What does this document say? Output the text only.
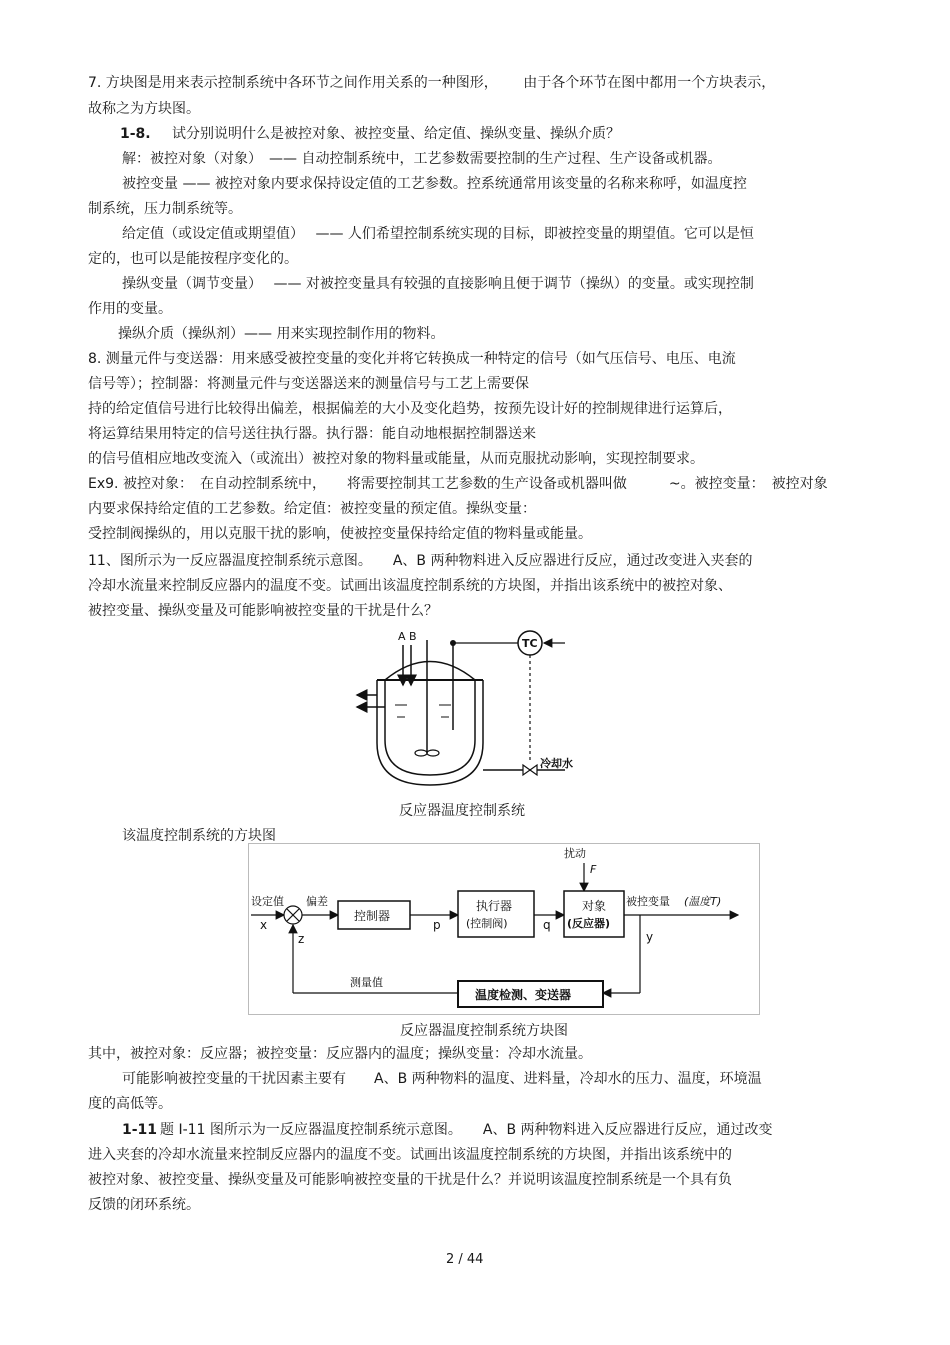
7. 方块图是用来表示控制系统中各环节之间作用关系的一种图形，　　 由于各个环节在图中都用一个方块表示，
故称之为方块图。
1-8. 试分别说明什么是被控对象、被控变量、给定值、操纵变量、操纵介质？
解：被控对象（对象）　—— 自动控制系统中，工艺参数需要控制的生产过程、生产设备或机器。
被控变量 —— 被控对象内要求保持设定值的工艺参数。控系统通常用该变量的名称来称呼，如温度控
制系统，压力制系统等。
给定值（或设定值或期望值）　 —— 人们希望控制系统实现的目标，即被控变量的期望值。它可以是恒
定的，也可以是能按程序变化的。
操纵变量（调节变量）　 —— 对被控变量具有较强的直接影响且便于调节（操纵）的变量。或实现控制
作用的变量。
操纵介质（操纵剂）—— 用来实现控制作用的物料。
8. 测量元件与变送器：用来感受被控变量的变化并将它转换成一种特定的信号（如气压信号、电压、电流
信号等）；控制器：将测量元件与变送器送来的测量信号与工艺上需要保
持的给定值信号进行比较得出偏差，根据偏差的大小及变化趋势，按预先设计好的控制规律进行运算后，
将运算结果用特定的信号送往执行器。执行器：能自动地根据控制器送来
的信号值相应地改变流入（或流出）被控对象的物料量或能量，从而克服扰动影响，实现控制要求。
Ex9. 被控对象：　在自动控制系统中，　　将需要控制其工艺参数的生产设备或机器叫做　　　~。被控变量：　被控对象
内要求保持给定值的工艺参数。给定值：被控变量的预定值。操纵变量：
受控制阀操纵的，用以克服干扰的影响，使被控变量保持给定值的物料量或能量。
11、图所示为一反应器温度控制系统示意图。　　A、B 两种物料进入反应器进行反应，通过改变进入夹套的
冷却水流量来控制反应器内的温度不变。试画出该温度控制系统的方块图，并指出该系统中的被控对象、
被控变量、操纵变量及可能影响被控变量的干扰是什么？
A B
TC
冷却水
反应器温度控制系统
该温度控制系统的方块图
设定值
x
偏差
z
控制器
p
执行器
(控制阀)	q
扰动
F
对象
(反应器)
被控变量 (温度T)
y
温度检测、变送器
测量值
反应器温度控制系统方块图
其中，被控对象：反应器；被控变量：反应器内的温度；操纵变量：冷却水流量。
可能影响被控变量的干扰因素主要有　　A、B 两种物料的温度、进料量，冷却水的压力、温度，环境温
度的高低等。
1-11 题 I-11 图所示为一反应器温度控制系统示意图。　　A、B 两种物料进入反应器进行反应，通过改变
进入夹套的冷却水流量来控制反应器内的温度不变。试画出该温度控制系统的方块图，并指出该系统中的
被控对象、被控变量、操纵变量及可能影响被控变量的干扰是什么？并说明该温度控制系统是一个具有负
反馈的闭环系统。
2 / 44
